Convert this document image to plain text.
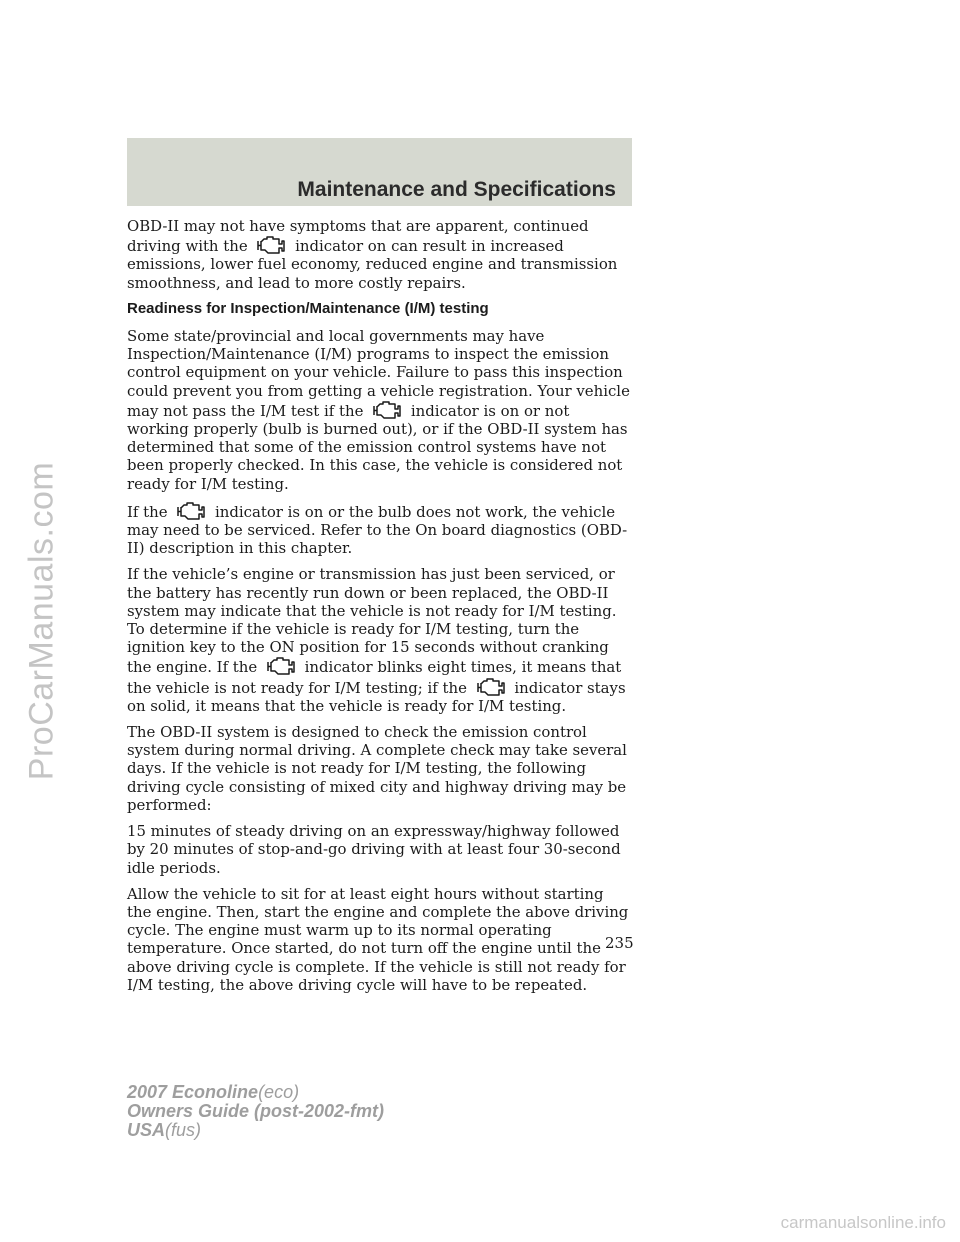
Maintenance and Specifications

OBD-II may not have symptoms that are apparent, continued driving with the	indicator on can result in increased emissions, lower fuel economy, reduced engine and transmission smoothness, and lead to more costly repairs.

Readiness for Inspection/Maintenance (I/M) testing

Some state/provincial and local governments may have Inspection/Maintenance (I/M) programs to inspect the emission control equipment on your vehicle. Failure to pass this inspection could prevent you from getting a vehicle registration. Your vehicle may not pass the I/M test if the	indicator is on or not working properly (bulb is burned out), or if the OBD-II system has determined that some of the emission control systems have not been properly checked. In this case, the vehicle is considered not ready for I/M testing.

If the	indicator is on or the bulb does not work, the vehicle may need to be serviced. Refer to the On board diagnostics (OBD-II) description in this chapter.

If the vehicle’s engine or transmission has just been serviced, or the battery has recently run down or been replaced, the OBD-II system may indicate that the vehicle is not ready for I/M testing. To determine if the vehicle is ready for I/M testing, turn the ignition key to the ON position for 15 seconds without cranking the engine. If the	indicator blinks eight times, it means that the vehicle is not ready for I/M testing; if the	indicator stays on solid, it means that the vehicle is ready for I/M testing.

The OBD-II system is designed to check the emission control system during normal driving. A complete check may take several days. If the vehicle is not ready for I/M testing, the following driving cycle consisting of mixed city and highway driving may be performed:

15 minutes of steady driving on an expressway/highway followed by 20 minutes of stop-and-go driving with at least four 30-second idle periods.

Allow the vehicle to sit for at least eight hours without starting the engine. Then, start the engine and complete the above driving cycle. The engine must warm up to its normal operating temperature. Once started, do not turn off the engine until the above driving cycle is complete. If the vehicle is still not ready for I/M testing, the above driving cycle will have to be repeated.

235
2007 Econoline(eco)
Owners Guide (post-2002-fmt)
USA(fus)
ProCarManuals.com
carmanualsonline.info
